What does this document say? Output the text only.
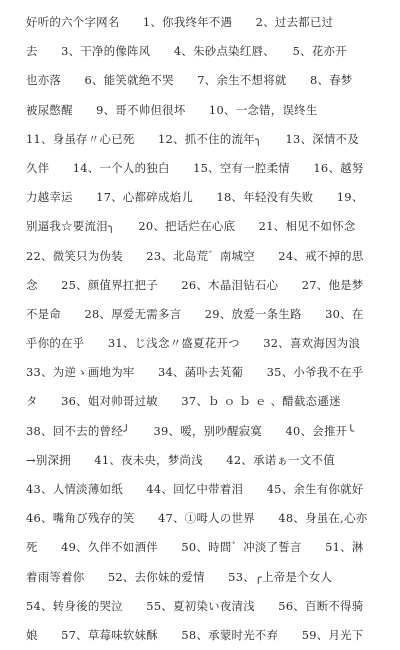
好听的六个字网名　　1、你我终年不遇　　2、过去都已过
去　　3、干净的像阵风　　4、朱砂点染红唇、　　5、花亦开
也亦落　　6、能笑就绝不哭　　7、余生不想将就　　8、春梦
被尿憋醒　　9、哥不帅但很坏　　10、一念错，误终生
11、身虽存〃心已死　　12、抓不住的流年╮　　13、深情不及
久伴　　14、一个人的独白　　15、空有一腔柔情　　16、越努
力越幸运　　17、心都碎成焰儿　　18、年轻没有失败　　19、
别逼我☆要流泪╮　　20、把话烂在心底　　21、相见不如怀念
22、微笑只为伪装　　23、北岛荒゛南城空　　24、戒不掉的思
念　　25、颜值界扛把子　　26、木晶泪钻石心　　27、他是梦
不是命　　28、厚爱无需多言　　29、放爱一条生路　　30、在
乎你的在乎　　31、じ浅念〃盛夏花开つ　　32、喜欢海因为浪
33、为逆ゝ画地为牢　　34、菡卟去芄葡　　35、小爷我不在乎
タ　　36、姐对帅哥过敏　　37、ｂ ｏ ｂ ｅ 、醋截态遜迷
38、回不去的曾经╯　　39、嗳，别吵醒寂寞　　40、会推开╰
→别深拥　　41、夜未央，梦尚浅　　42、承诺ぁ一文不值
43、人情淡薄如纸　　44、回忆中带着泪　　45、余生有你就好
46、嘴角び残存的笑　　47、①呣人の世界　　48、身虽在,心亦
死　　49、久伴不如酒伴　　50、時間゛冲淡了誓言　　51、淋
着雨等着你　　52、去你妹的爱情　　53、╭上帝是个女人
54、转身後的哭泣　　55、夏初染い夜清浅　　56、百断不得骑
娘　　57、草莓味软妹酥　　58、承蒙时光不弃　　59、月光下
